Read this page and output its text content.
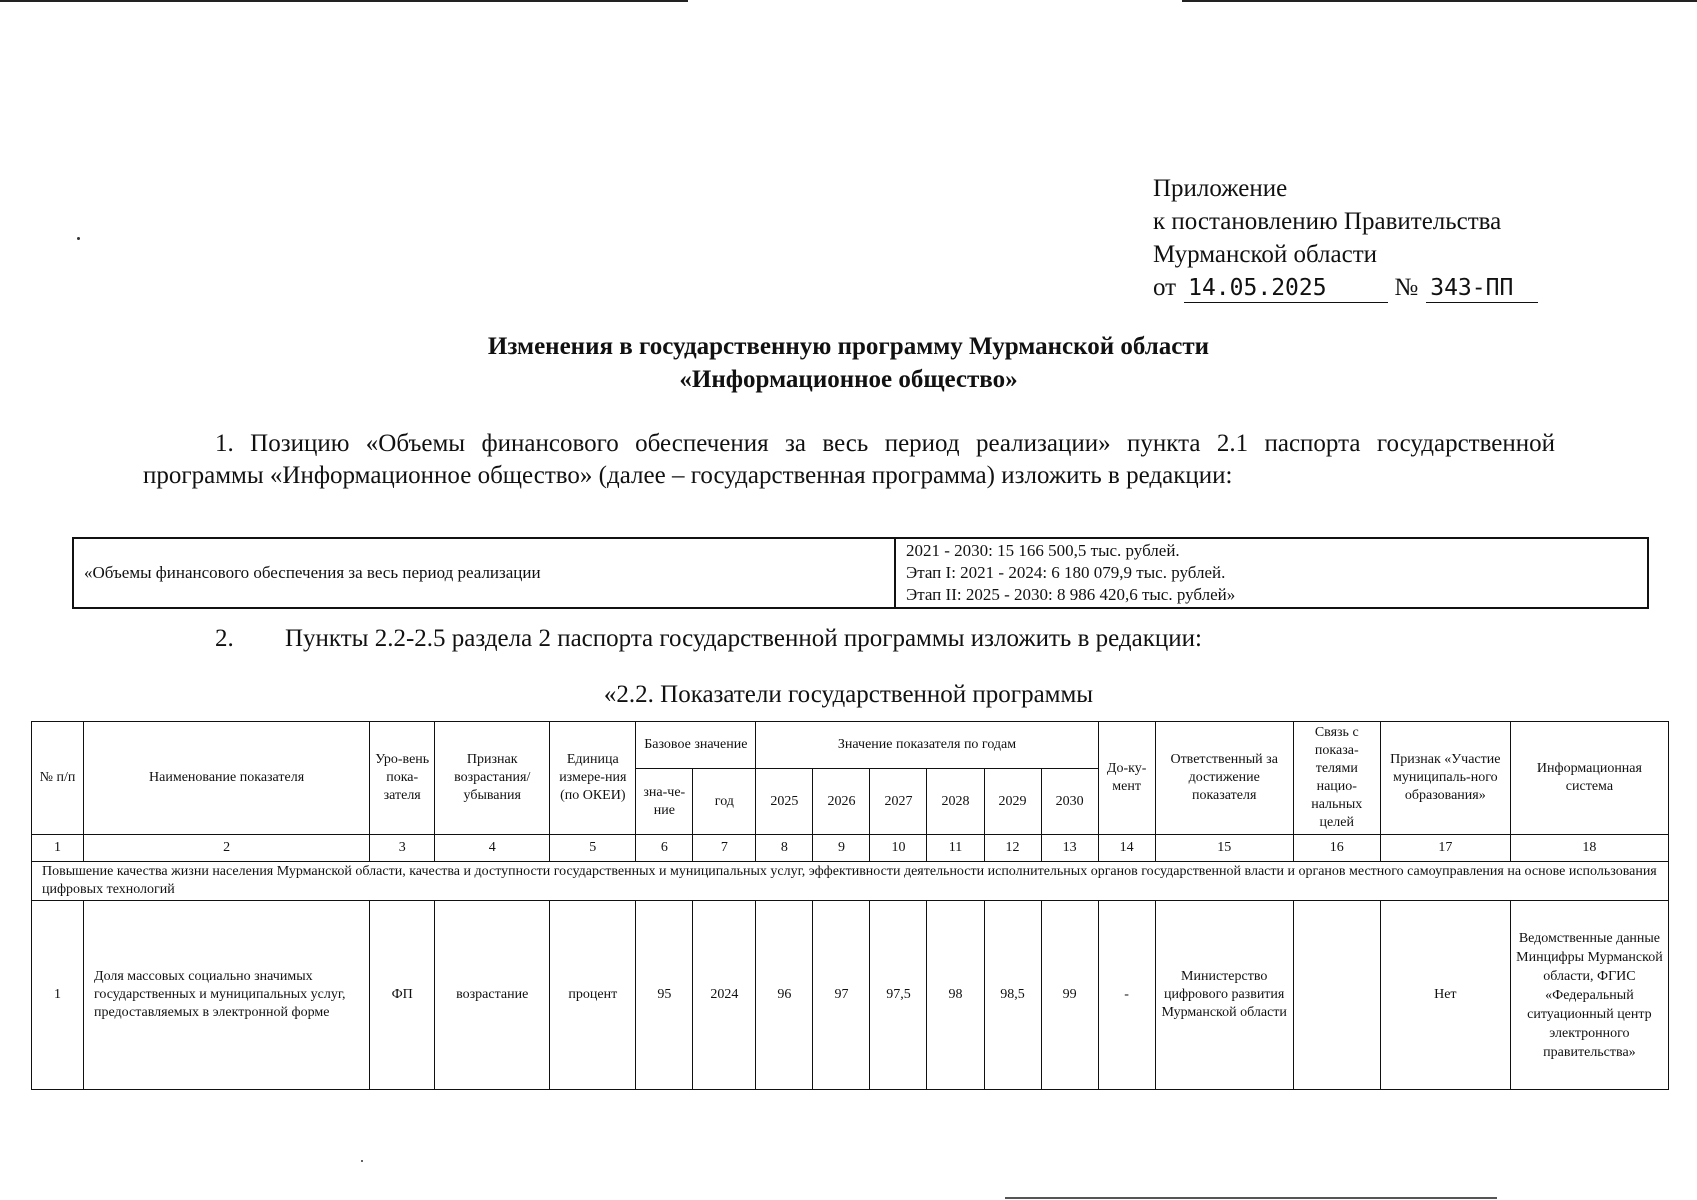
Приложение
к постановлению Правительства
Мурманской области
от 14.05.2025	№ 343-ПП
Изменения в государственную программу Мурманской области
«Информационное общество»
1. Позицию «Объемы финансового обеспечения за весь период реализации» пункта 2.1 паспорта государственной программы «Информационное общество» (далее – государственная программа) изложить в редакции:
«Объемы финансового обеспечения за весь период реализации	
2021 - 2030: 15 166 500,5 тыс. рублей.
Этап I: 2021 - 2024: 6 180 079,9 тыс. рублей.
Этап II: 2025 - 2030: 8 986 420,6 тыс. рублей»
2. Пункты 2.2-2.5 раздела 2 паспорта государственной программы изложить в редакции:
«2.2. Показатели государственной программы
№ п/п	Наименование показателя	Уро-вень пока-зателя	Признак возрастания/ убывания	Единица измере-ния (по ОКЕИ)	Базовое значение		Значение показателя по годам						До-ку-мент	Ответственный за достижение показателя	Связь с показа-телями нацио-нальных целей	Признак «Участие муниципаль-ного образования»	Информационная система
					зна-че-ние	год	2025	2026	2027	2028	2029	2030					
1	2	3	4	5	6	7	8	9	10	11	12	13	14	15	16	17	18
Повышение качества жизни населения Мурманской области, качества и доступности государственных и муниципальных услуг, эффективности деятельности исполнительных органов государственной власти и органов местного самоуправления на основе использования цифровых технологий																	
1	Доля массовых социально значимых государственных и муниципальных услуг, предоставляемых в электронной форме	ФП	возрастание	процент	95	2024	96	97	97,5	98	98,5	99	-	Министерство цифрового развития Мурманской области		Нет	Ведомственные данные Минцифры Мурманской области, ФГИС «Федеральный ситуационный центр электронного правительства»
